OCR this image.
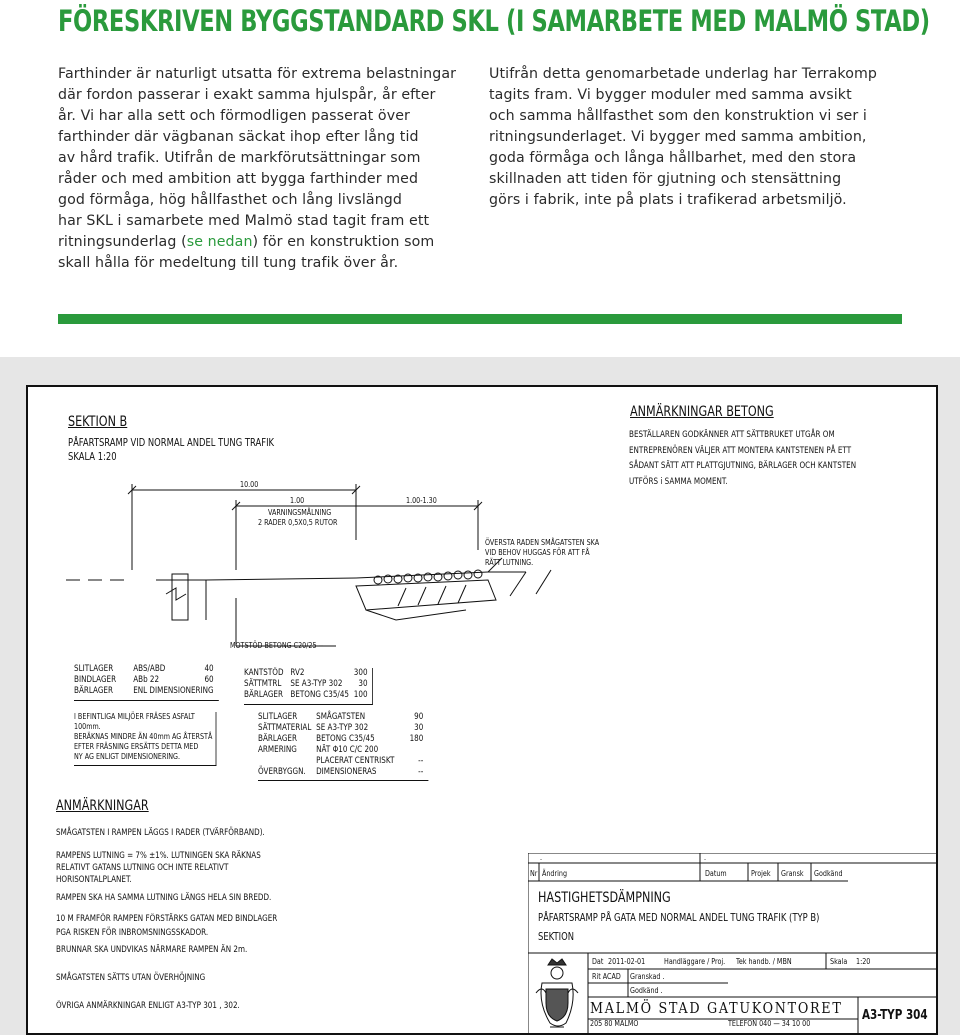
FÖRESKRIVEN BYGGSTANDARD SKL (I SAMARBETE MED MALMÖ STAD)
Farthinder är naturligt utsatta för extrema belastningar
där fordon passerar i exakt samma hjulspår, år efter
år. Vi har alla sett och förmodligen passerat över
farthinder där vägbanan säckat ihop efter lång tid
av hård trafik. Utifrån de markförutsättningar som
råder och med ambition att bygga farthinder med
god förmåga, hög hållfasthet och lång livslängd
har SKL i samarbete med Malmö stad tagit fram ett
ritningsunderlag (se nedan) för en konstruktion som
skall hålla för medeltung till tung trafik över år.
Utifrån detta genomarbetade underlag har Terrakomp
tagits fram. Vi bygger moduler med samma avsikt
och samma hållfasthet som den konstruktion vi ser i
ritningsunderlaget. Vi bygger med samma ambition,
goda förmåga och långa hållbarhet, med den stora
skillnaden att tiden för gjutning och stensättning
görs i fabrik, inte på plats i trafikerad arbetsmiljö.
SEKTION B
PÅFARTSRAMP VID NORMAL ANDEL TUNG TRAFIK
SKALA 1:20
10.00
1.00	1.00-1.30
VARNINGSMÅLNING
2 RADER 0,5X0,5 RUTOR
ÖVERSTA RADEN SMÅGATSTEN SKA
VID BEHOV HUGGAS FÖR ATT FÅ
RÄTT LUTNING.
MOTSTÖD BETONG C20/25 --
ANMÄRKNINGAR BETONG
BESTÄLLAREN GODKÄNNER ATT SÄTTBRUKET UTGÅR OM
ENTREPRENÖREN VÄLJER ATT MONTERA KANTSTENEN PÅ ETT
SÅDANT SÄTT ATT PLATTGJUTNING, BÄRLAGER OCH KANTSTEN
UTFÖRS i SAMMA MOMENT.
SLITLAGER	ABS/ABD	40
BINDLAGER	ABb 22	60
BÄRLAGER	ENL DIMENSIONERING	
KANTSTÖD	RV2	300
SÄTTMTRL	SE A3-TYP 302	30
BÄRLAGER	BETONG C35/45	100
I BEFINTLIGA MILJÖER FRÄSES ASFALT
100mm.
BERÄKNAS MINDRE ÄN 40mm AG ÅTERSTÅ
EFTER FRÄSNING ERSÄTTS DETTA MED
NY AG ENLIGT DIMENSIONERING.
SLITLAGER	SMÅGATSTEN	90
SÄTTMATERIAL	SE A3-TYP 302	30
BÄRLAGER	BETONG C35/45	180
ARMERING	NÄT Φ10 C/C 200	
	PLACERAT CENTRISKT	--
ÖVERBYGGN.	DIMENSIONERAS	--
ANMÄRKNINGAR
SMÅGATSTEN I RAMPEN LÄGGS I RADER (TVÄRFÖRBAND).
RAMPENS LUTNING = 7% ±1%. LUTNINGEN SKA RÄKNAS
RELATIVT GATANS LUTNING OCH INTE RELATIVT
HORISONTALPLANET.
RAMPEN SKA HA SAMMA LUTNING LÄNGS HELA SIN BREDD.
10 M FRAMFÖR RAMPEN FÖRSTÄRKS GATAN MED BINDLAGER
PGA RISKEN FÖR INBROMSNINGSSKADOR.
BRUNNAR SKA UNDVIKAS NÄRMARE RAMPEN ÄN 2m.
SMÅGATSTEN SÄTTS UTAN ÖVERHÖJNING
ÖVRIGA ANMÄRKNINGAR ENLIGT A3-TYP 301 , 302.
.	.
Nr Ändring	Datum	Projek Gransk Godkänd
HASTIGHETSDÄMPNING
PÅFARTSRAMP PÅ GATA MED NORMAL ANDEL TUNG TRAFIK (TYP B)
SEKTION
Dat 2011-02-01 Handläggare / Proj. Tek handb. / MBN	Skala 1:20
Rit ACAD Granskad .
Godkänd .
MALMÖ STAD GATUKONTORET
205 80 MALMÖ	TELEFON 040 — 34 10 00
A3-TYP 304
